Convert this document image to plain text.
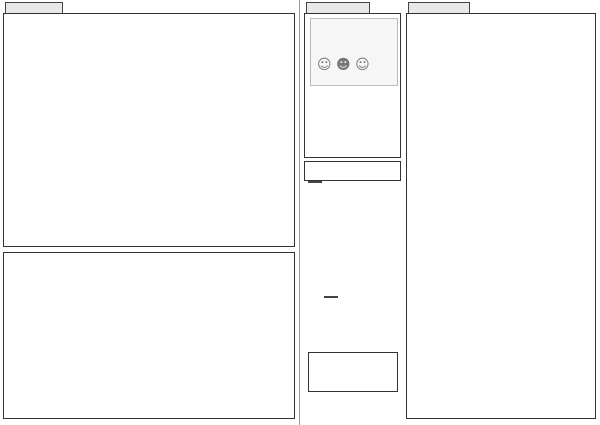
☺ ☻ ☺
